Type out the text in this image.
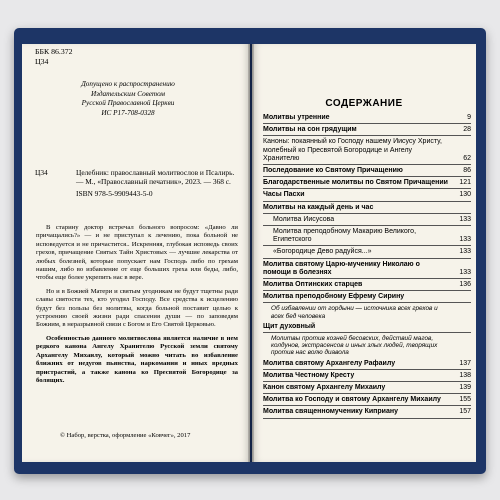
ББК 86.372
Ц34
Допущено к распространению
Издательским Советом
Русской Православной Церкви
ИС Р17-708-0328
Ц34	Целебник: православный молитвослов и Псалирь. — М., «Православный печатник», 2023. — 368 с.
ISBN 978-5-9909443-5-0

В старину доктор встречал больного вопросом: «Давно ли причащались?» — и не приступал к лечению, пока больной не исповедуется и не причастится.. Искренняя, глубокая исповедь своих грехов, причащение Святых Тайн Христовых — лучшие лекарства от любых болезней, которые попускает нам Господь либо по грехам нашим, либо во избавление от еще больших греха или беды, либо, чтобы еще более укрепить нас в вере.

Но и в Божией Матери и святым угодникам не будут тщетны ради славы святости тех, кто угодил Господу. Все средства к исцелению будут без пользы без молитвы, когда больной поставит целью к устроению своей жизни ради спасения души — по заповедям Божиим, в неразрывной связи с Богом и Его Святой Церковью.

Особенностью данного молитвослова является наличие в нем редкого канона Ангелу Хранителю Русской земли святому Архангелу Михаилу, который можно читать во избавление ближних от недугов пьянства, наркомании и иных вредных пристрастий, а также канона ко Пресвятой Богородице за болящих.

© Набор, верстка, оформление «Ковчег», 2017
СОДЕРЖАНИЕ
Молитвы утренние	9
Молитвы на сон грядущим	28
Каноны: покаянный ко Господу нашему Иисусу Христу, молебный ко Пресвятой Богородице и Ангелу Хранителю	62
Последование ко Святому Причащению	86
Благодарственные молитвы по Святом Причащении	121
Часы Пасхи	130
Молитвы на каждый день и час
Молитва Иисусова	133
Молитва преподобному Макарию Великого, Египетского	133
«Богородице Дево радуйся...»	133
Молитва святому Царю-мученику Николаю о помощи в болезнях	133
Молитва Оптинских старцев	136
Молитва преподобному Ефрему Сирину
Об избавлении от гордыни — источника всех грехов и всех бед человека
Щит духовный
Молитвы против козней бесовских, действий магов, колдунов, экстрасенсов и иных злых людей, творящих против нас волю диавола
Молитва святому Архангелу Рафаилу	137
Молитва Честному Кресту	138
Канон святому Архангелу Михаилу	139
Молитва ко Господу и святому Архангелу Михаилу	155
Молитва священномученику Киприану	157
